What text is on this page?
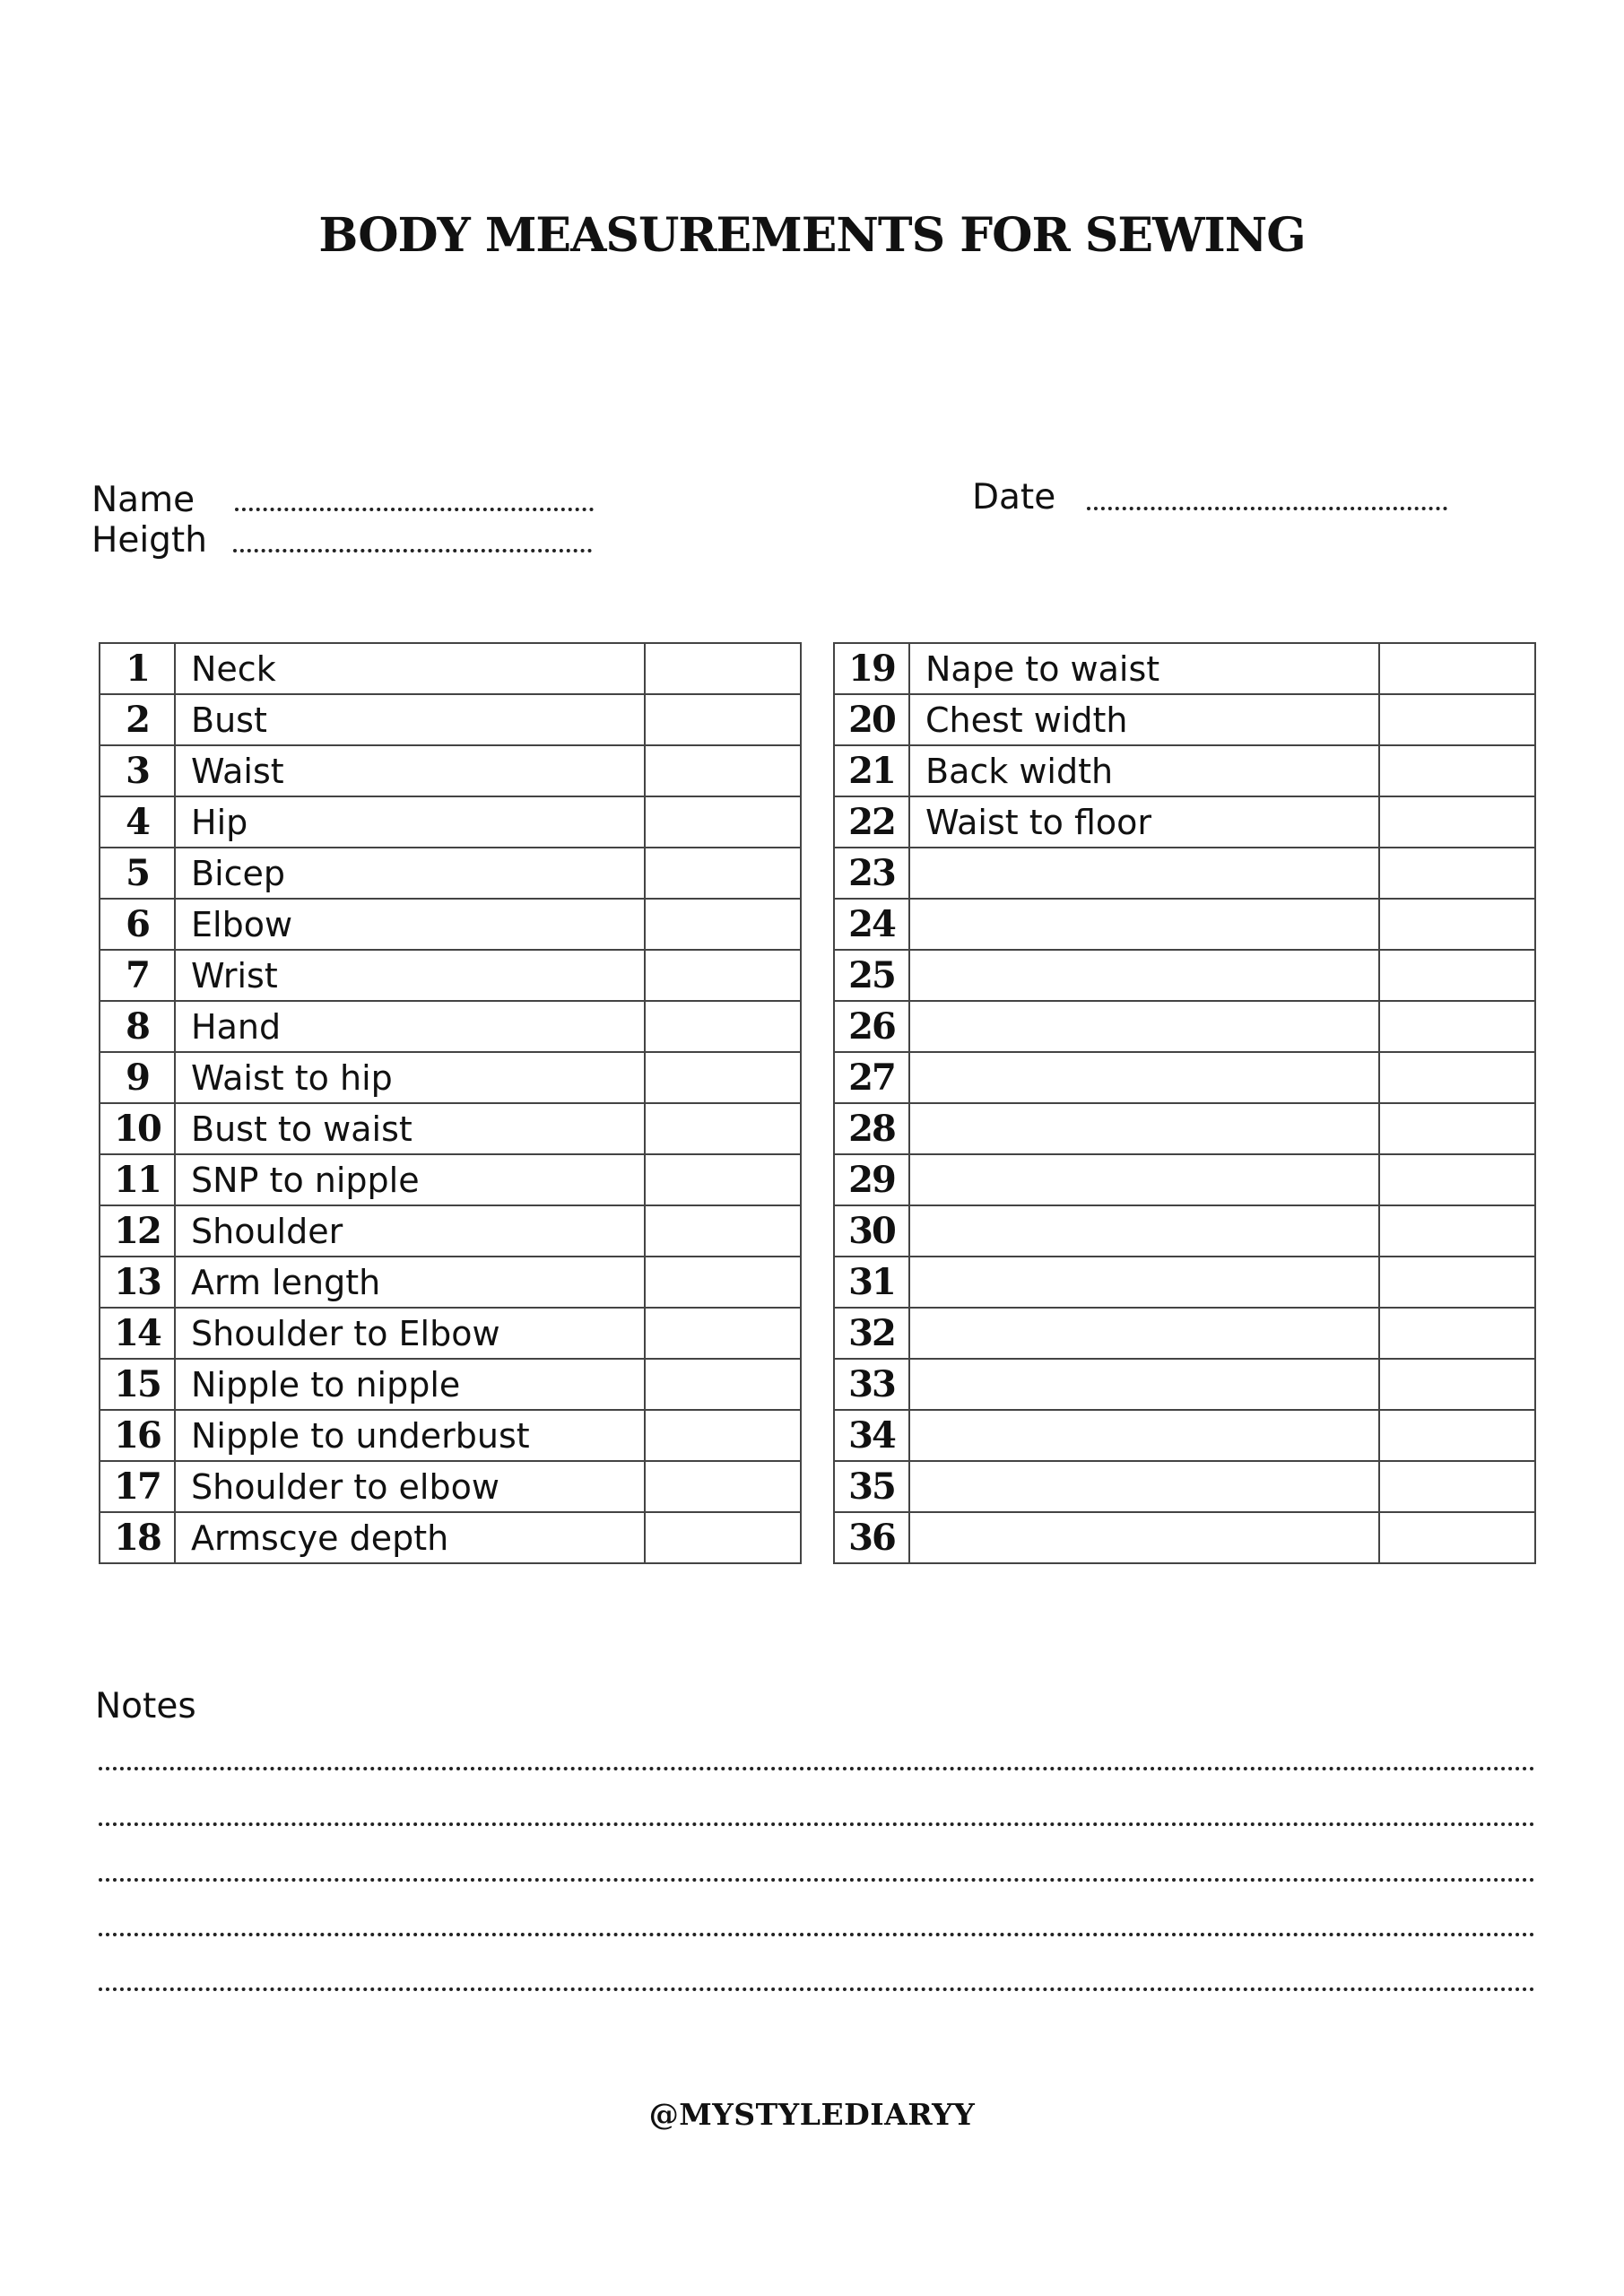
BODY MEASUREMENTS FOR SEWING
Name
Heigth
Date
1	Neck	
2	Bust	
3	Waist	
4	Hip	
5	Bicep	
6	Elbow	
7	Wrist	
8	Hand	
9	Waist to hip	
10	Bust to waist	
11	SNP to nipple	
12	Shoulder	
13	Arm length	
14	Shoulder to Elbow	
15	Nipple to nipple	
16	Nipple to underbust	
17	Shoulder to elbow	
18	Armscye depth	
19	Nape to waist	
20	Chest width	
21	Back width	
22	Waist to floor	
23		
24		
25		
26		
27		
28		
29		
30		
31		
32		
33		
34		
35		
36		
Notes
@MYSTYLEDIARYY
